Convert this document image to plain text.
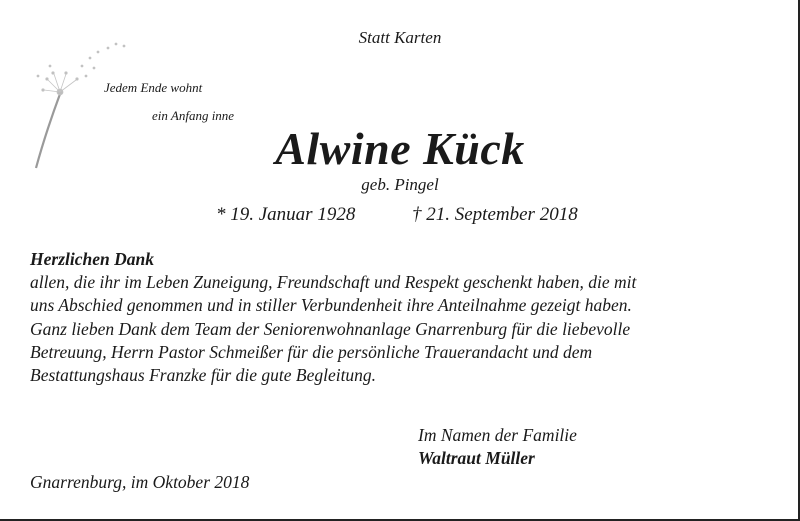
Statt Karten
Jedem Ende wohnt
ein Anfang inne
Alwine Kück
geb. Pingel
* 19. Januar 1928	† 21. September 2018
Herzlichen Dank
allen, die ihr im Leben Zuneigung, Freundschaft und Respekt geschenkt haben, die mit
uns Abschied genommen und in stiller Verbundenheit ihre Anteilnahme gezeigt haben.
Ganz lieben Dank dem Team der Seniorenwohnanlage Gnarrenburg für die liebevolle
Betreuung, Herrn Pastor Schmeißer für die persönliche Trauerandacht und dem
Bestattungshaus Franzke für die gute Begleitung.
Im Namen der Familie
Waltraut Müller
Gnarrenburg, im Oktober 2018
